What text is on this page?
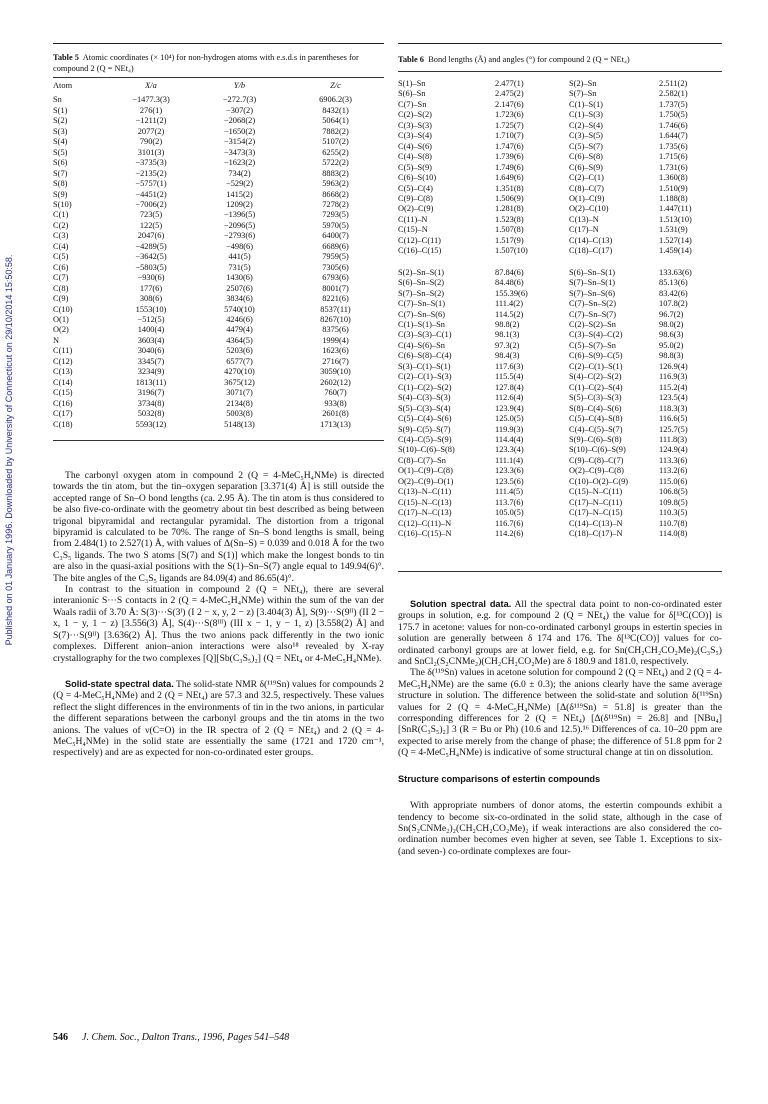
Published on 01 January 1996. Downloaded by University of Connecticut on 29/10/2014 15:50:58.
Table 5 Atomic coordinates (× 10⁴) for non-hydrogen atoms with e.s.d.s in parentheses for compound 2 (Q = NEt₄)
Atom	X/a	Y/b	Z/c

Sn	−1477.3(3)	−272.7(3)	6906.2(3)
S(1)	276(1)	−307(2)	8432(1)
S(2)	−1211(2)	−2068(2)	5064(1)
S(3)	2077(2)	−1650(2)	7882(2)
S(4)	790(2)	−3154(2)	5107(2)
S(5)	3101(3)	−3473(3)	6255(2)
S(6)	−3735(3)	−1623(2)	5722(2)
S(7)	−2135(2)	734(2)	8883(2)
S(8)	−5757(1)	−529(2)	5963(2)
S(9)	−4451(2)	1415(2)	8668(2)
S(10)	−7006(2)	1209(2)	7278(2)
C(1)	723(5)	−1396(5)	7293(5)
C(2)	122(5)	−2096(5)	5970(5)
C(3)	2047(6)	−2793(6)	6400(7)
C(4)	−4289(5)	−498(6)	6689(6)
C(5)	−3642(5)	441(5)	7959(5)
C(6)	−5803(5)	731(5)	7305(6)
C(7)	−930(6)	1430(6)	6793(6)
C(8)	177(6)	2507(6)	8001(7)
C(9)	308(6)	3834(6)	8221(6)
C(10)	1553(10)	5740(10)	8537(11)
O(1)	−512(5)	4246(6)	8267(10)
O(2)	1400(4)	4479(4)	8375(6)
N	3603(4)	4364(5)	1999(4)
C(11)	3040(6)	5203(6)	1623(6)
C(12)	3345(7)	6577(7)	2716(7)
C(13)	3234(9)	4270(10)	3059(10)
C(14)	1813(11)	3675(12)	2602(12)
C(15)	3196(7)	3071(7)	760(7)
C(16)	3734(8)	2134(8)	933(8)
C(17)	5032(8)	5003(8)	2601(8)
C(18)	5593(12)	5148(13)	1713(13)
Table 6 Bond lengths (Å) and angles (°) for compound 2 (Q = NEt₄)
S(1)–Sn	2.477(1)	S(2)–Sn	2.511(2)
S(6)–Sn	2.475(2)	S(7)–Sn	2.582(1)
C(7)–Sn	2.147(6)	C(1)–S(1)	1.737(5)
C(2)–S(2)	1.723(6)	C(1)–S(3)	1.750(5)
C(3)–S(3)	1.725(7)	C(2)–S(4)	1.746(6)
C(3)–S(4)	1.710(7)	C(3)–S(5)	1.644(7)
C(4)–S(6)	1.747(6)	C(5)–S(7)	1.735(6)
C(4)–S(8)	1.739(6)	C(6)–S(8)	1.715(6)
C(5)–S(9)	1.749(6)	C(6)–S(9)	1.731(6)
C(6)–S(10)	1.649(6)	C(2)–C(1)	1.360(8)
C(5)–C(4)	1.351(8)	C(8)–C(7)	1.510(9)
C(9)–C(8)	1.506(9)	O(1)–C(9)	1.188(8)
O(2)–C(9)	1.281(8)	O(2)–C(10)	1.447(11)
C(11)–N	1.523(8)	C(13)–N	1.513(10)
C(15)–N	1.507(8)	C(17)–N	1.531(9)
C(12)–C(11)	1.517(9)	C(14)–C(13)	1.527(14)
C(16)–C(15)	1.507(10)	C(18)–C(17)	1.459(14)

S(2)–Sn–S(1)	87.84(6)	S(6)–Sn–S(1)	133.63(6)
S(6)–Sn–S(2)	84.48(6)	S(7)–Sn–S(1)	85.13(6)
S(7)–Sn–S(2)	155.39(6)	S(7)–Sn–S(6)	83.42(6)
C(7)–Sn–S(1)	111.4(2)	C(7)–Sn–S(2)	107.8(2)
C(7)–Sn–S(6)	114.5(2)	C(7)–Sn–S(7)	96.7(2)
C(1)–S(1)–Sn	98.8(2)	C(2)–S(2)–Sn	98.0(2)
C(3)–S(3)–C(1)	98.1(3)	C(3)–S(4)–C(2)	98.6(3)
C(4)–S(6)–Sn	97.3(2)	C(5)–S(7)–Sn	95.0(2)
C(6)–S(8)–C(4)	98.4(3)	C(6)–S(9)–C(5)	98.8(3)
S(3)–C(1)–S(1)	117.6(3)	C(2)–C(1)–S(1)	126.9(4)
C(2)–C(1)–S(3)	115.5(4)	S(4)–C(2)–S(2)	116.9(3)
C(1)–C(2)–S(2)	127.8(4)	C(1)–C(2)–S(4)	115.2(4)
S(4)–C(3)–S(3)	112.6(4)	S(5)–C(3)–S(3)	123.5(4)
S(5)–C(3)–S(4)	123.9(4)	S(8)–C(4)–S(6)	118.3(3)
C(5)–C(4)–S(6)	125.0(5)	C(5)–C(4)–S(8)	116.6(5)
S(9)–C(5)–S(7)	119.9(3)	C(4)–C(5)–S(7)	125.7(5)
C(4)–C(5)–S(9)	114.4(4)	S(9)–C(6)–S(8)	111.8(3)
S(10)–C(6)–S(8)	123.3(4)	S(10)–C(6)–S(9)	124.9(4)
C(8)–C(7)–Sn	111.1(4)	C(9)–C(8)–C(7)	113.3(6)
O(1)–C(9)–C(8)	123.3(6)	O(2)–C(9)–C(8)	113.2(6)
O(2)–C(9)–O(1)	123.5(6)	C(10)–O(2)–C(9)	115.0(6)
C(13)–N–C(11)	111.4(5)	C(15)–N–C(11)	106.8(5)
C(15)–N–C(13)	113.7(6)	C(17)–N–C(11)	109.8(5)
C(17)–N–C(13)	105.0(5)	C(17)–N–C(15)	110.3(5)
C(12)–C(11)–N	116.7(6)	C(14)–C(13)–N	110.7(8)
C(16)–C(15)–N	114.2(6)	C(18)–C(17)–N	114.0(8)

The carbonyl oxygen atom in compound 2 (Q = 4-MeC₅H₄NMe) is directed towards the tin atom, but the tin–oxygen separation [3.371(4) Å] is still outside the accepted range of Sn–O bond lengths (ca. 2.95 Å). The tin atom is thus considered to be also five-co-ordinate with the geometry about tin best described as being between trigonal bipyramidal and rectangular pyramidal. The distortion from a trigonal bipyramid is calculated to be 70%. The range of Sn–S bond lengths is small, being from 2.484(1) to 2.527(1) Å, with values of Δ(Sn–S) = 0.039 and 0.018 Å for the two C₃S₅ ligands. The two S atoms [S(7) and S(1)] which make the longest bonds to tin are also in the quasi-axial positions with the S(1)–Sn–S(7) angle equal to 149.94(6)°. The bite angles of the C₃S₅ ligands are 84.09(4) and 86.65(4)°.

In contrast to the situation in compound 2 (Q = NEt₄), there are several interanionic S···S contacts in 2 (Q = 4-MeC₅H₄NMe) within the sum of the van der Waals radii of 3.70 Å: S(3)···S(3ᴵ) (I 2 − x, y, 2 − z) [3.404(3) Å], S(9)···S(9ᴵᴵ) (II 2 − x, 1 − y, 1 − z) [3.556(3) Å], S(4)···S(8ᴵᴵᴵ) (III x − 1, y − 1, z) [3.558(2) Å] and S(7)···S(9ᴵᴵ) [3.636(2) Å]. Thus the two anions pack differently in the two ionic complexes. Different anion–anion interactions were also¹⁸ revealed by X-ray crystallography for the two complexes [Q][Sb(C₃S₅)₂] (Q = NEt₄ or 4-MeC₅H₄NMe).

Solid-state spectral data. The solid-state NMR δ(¹¹⁹Sn) values for compounds 2 (Q = 4-MeC₅H₄NMe) and 2 (Q = NEt₄) are 57.3 and 32.5, respectively. These values reflect the slight differences in the environments of tin in the two anions, in particular the different separations between the carbonyl groups and the tin atoms in the two anions. The values of ν(C=O) in the IR spectra of 2 (Q = NEt₄) and 2 (Q = 4-MeC₅H₄NMe) in the solid state are essentially the same (1721 and 1720 cm⁻¹, respectively) and are as expected for non-co-ordinated ester groups.

Solution spectral data. All the spectral data point to non-co-ordinated ester groups in solution, e.g. for compound 2 (Q = NEt₄) the value for δ[¹³C(CO)] is 175.7 in acetone: values for non-co-ordinated carbonyl groups in estertin species in solution are generally between δ 174 and 176. The δ[¹³C(CO)] values for co-ordinated carbonyl groups are at lower field, e.g. for Sn(CH₂CH₂CO₂Me)₂(C₃S₅) and SnCl₂(S₂CNMe₂)(CH₂CH₂CO₂Me) are δ 180.9 and 181.0, respectively.

The δ(¹¹⁹Sn) values in acetone solution for compound 2 (Q = NEt₄) and 2 (Q = 4-MeC₅H₄NMe) are the same (6.0 ± 0.3); the anions clearly have the same average structure in solution. The difference between the solid-state and solution δ(¹¹⁹Sn) values for 2 (Q = 4-MeC₅H₄NMe) [Δ(δ¹¹⁹Sn) = 51.8] is greater than the corresponding differences for 2 (Q = NEt₄) [Δ(δ¹¹⁹Sn) = 26.8] and [NBu₄][SnR(C₃S₅)₂] 3 (R = Bu or Ph) (10.6 and 12.5).¹⁶ Differences of ca. 10–20 ppm are expected to arise merely from the change of phase; the difference of 51.8 ppm for 2 (Q = 4-MeC₅H₄NMe) is indicative of some structural change at tin on dissolution.

Structure comparisons of estertin compounds

With appropriate numbers of donor atoms, the estertin compounds exhibit a tendency to become six-co-ordinated in the solid state, although in the case of Sn(S₂CNMe₂)₂(CH₂CH₂CO₂Me)₂ if weak interactions are also considered the co-ordination number becomes even higher at seven, see Table 1. Exceptions to six- (and seven-) co-ordinate complexes are four-

546 J. Chem. Soc., Dalton Trans., 1996, Pages 541–548
